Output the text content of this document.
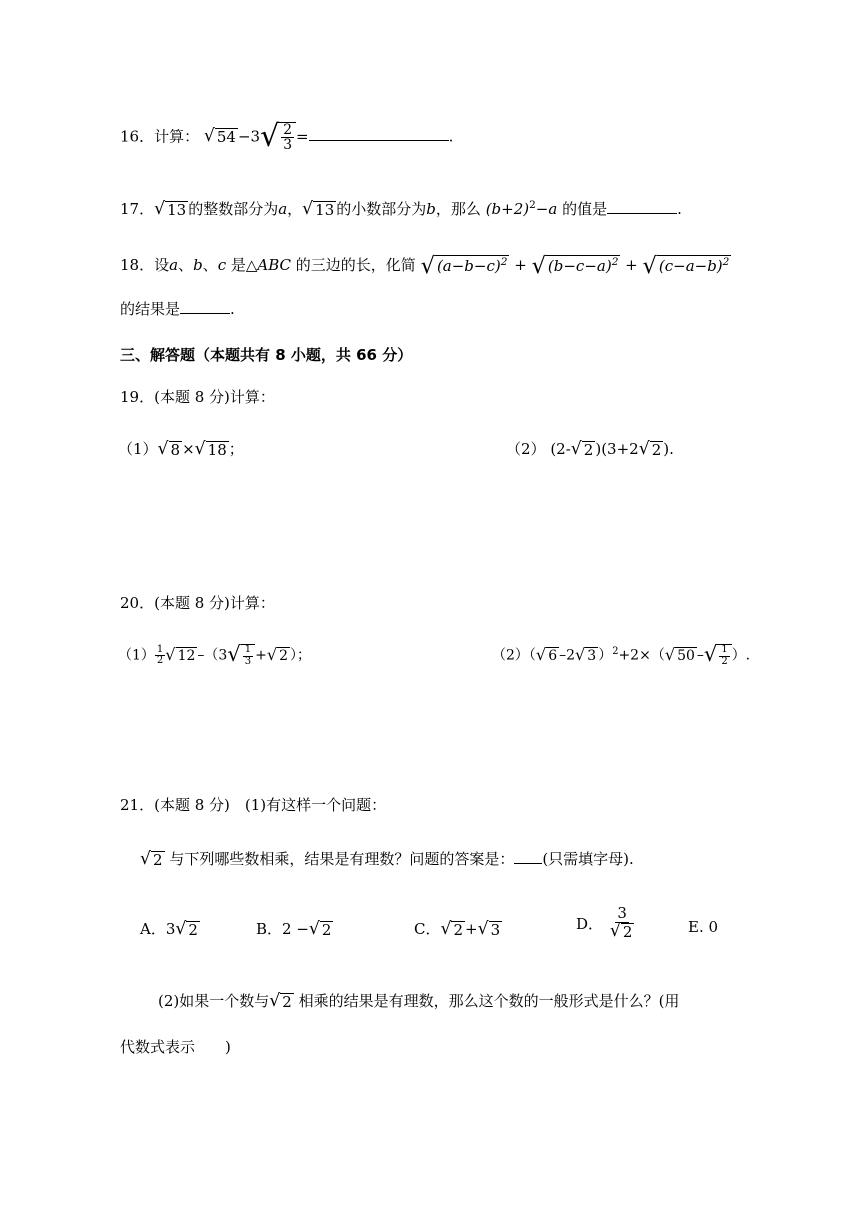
16．计算： √ 54 −3 √ $\frac{2}{3}$ =	.
17． √ 13 的整数部分为a， √ 13 的小数部分为b，那么 $(b+2)^2-a$ 的值是	.
18．设a、b、c 是△ABC 的三边的长，化简 √ $(a-b-c)^2$ + √ $(b-c-a)^2$ + √ $(c-a-b)^2$
的结果是	.
三、解答题（本题共有 8 小题，共 66 分）
19．(本题 8 分)计算：
（1） √ 8 × √ 18 ；	（2） (2- √ 2 )(3+2 √ 2 ).
20．(本题 8 分)计算：
$(1) \frac{1}{2}$ √ 12 –（3 √ $\frac{1}{3}$ + √ 2 ）；	（2）（ √ 6 –2 √ 3 ）$^2$+2×（ √ 50 – √ $\frac{1}{2}$ ）.
21．(本题 8 分)　(1)有这样一个问题：
√ 2 与下列哪些数相乘，结果是有理数？问题的答案是： (只需填字母).
A．3 √ 2	B．2 − √ 2	C． √ 2 + √ 3	D． $\frac{3}{√ 2}$	E. 0
(2)如果一个数与 √ 2 相乘的结果是有理数，那么这个数的一般形式是什么？(用
代数式表示　　)
